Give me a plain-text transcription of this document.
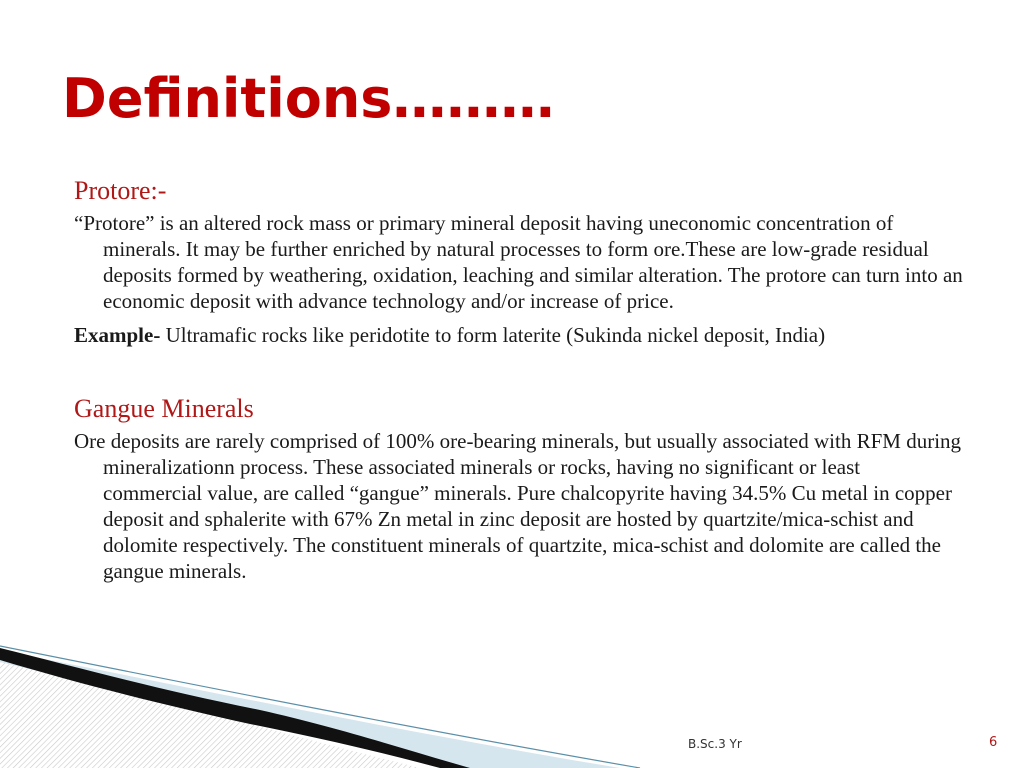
Definitions………

Protore:-

“Protore” is an altered rock mass or primary mineral deposit having uneconomic concentration of minerals. It may be further enriched by natural processes to form ore.These are low-grade residual deposits formed by weathering, oxidation, leaching and similar alteration. The protore can turn into an economic deposit with advance technology and/or increase of price.

Example- Ultramafic rocks like peridotite to form laterite (Sukinda nickel deposit, India)

Gangue Minerals

Ore deposits are rarely comprised of 100% ore-bearing minerals, but usually associated with RFM during mineralizationn process. These associated minerals or rocks, having no significant or least commercial value, are called “gangue” minerals. Pure chalcopyrite having 34.5% Cu metal in copper deposit and sphalerite with 67% Zn metal in zinc deposit are hosted by quartzite/mica-schist and dolomite respectively. The constituent minerals of quartzite, mica-schist and dolomite are called the gangue minerals.

B.Sc.3 Yr	6
